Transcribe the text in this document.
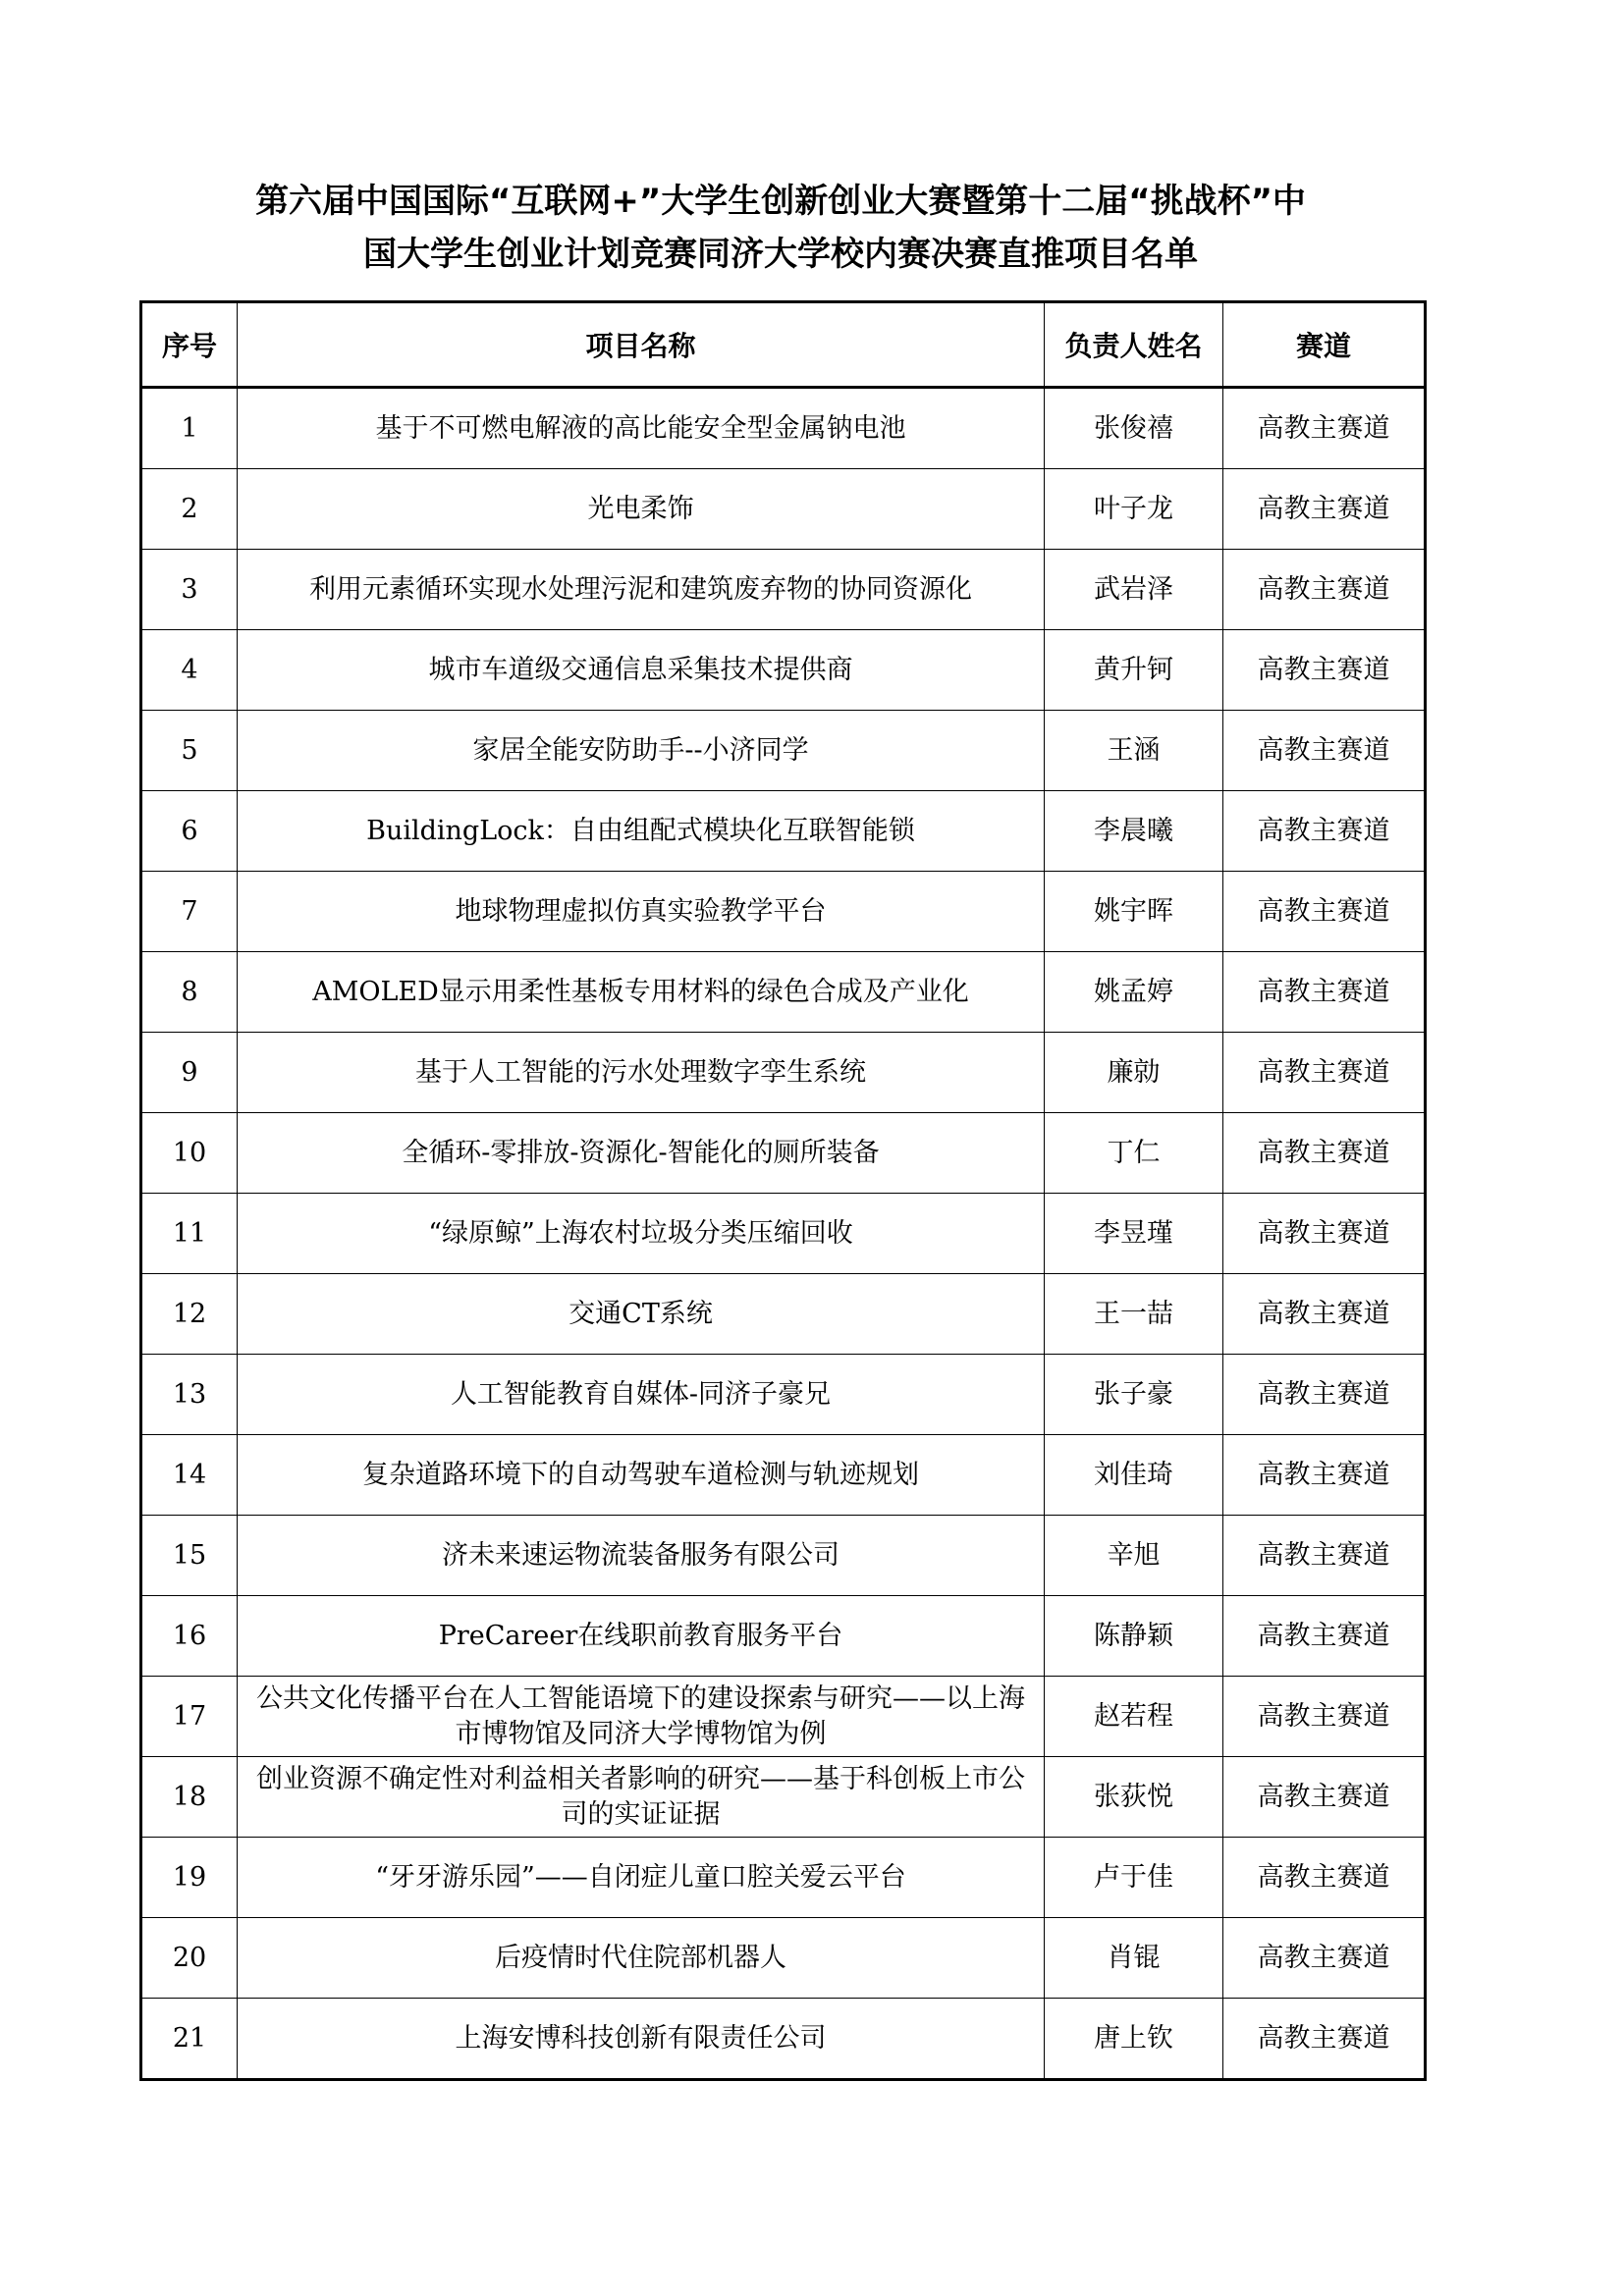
第六届中国国际“互联网+”大学生创新创业大赛暨第十二届“挑战杯”中
国大学生创业计划竞赛同济大学校内赛决赛直推项目名单
序号	项目名称	负责人姓名	赛道
1	基于不可燃电解液的高比能安全型金属钠电池	张俊禧	高教主赛道
2	光电柔饰	叶子龙	高教主赛道
3	利用元素循环实现水处理污泥和建筑废弃物的协同资源化	武岩泽	高教主赛道
4	城市车道级交通信息采集技术提供商	黄升钶	高教主赛道
5	家居全能安防助手--小济同学	王涵	高教主赛道
6	BuildingLock：自由组配式模块化互联智能锁	李晨曦	高教主赛道
7	地球物理虚拟仿真实验教学平台	姚宇晖	高教主赛道
8	AMOLED显示用柔性基板专用材料的绿色合成及产业化	姚孟婷	高教主赛道
9	基于人工智能的污水处理数字孪生系统	廉勍	高教主赛道
10	全循环-零排放-资源化-智能化的厕所装备	丁仁	高教主赛道
11	“绿原鲸”上海农村垃圾分类压缩回收	李昱瑾	高教主赛道
12	交通CT系统	王一喆	高教主赛道
13	人工智能教育自媒体-同济子豪兄	张子豪	高教主赛道
14	复杂道路环境下的自动驾驶车道检测与轨迹规划	刘佳琦	高教主赛道
15	济未来速运物流装备服务有限公司	辛旭	高教主赛道
16	PreCareer在线职前教育服务平台	陈静颖	高教主赛道
17	公共文化传播平台在人工智能语境下的建设探索与研究——以上海市博物馆及同济大学博物馆为例	赵若程	高教主赛道
18	创业资源不确定性对利益相关者影响的研究——基于科创板上市公司的实证证据	张荻悦	高教主赛道
19	“牙牙游乐园”——自闭症儿童口腔关爱云平台	卢于佳	高教主赛道
20	后疫情时代住院部机器人	肖锟	高教主赛道
21	上海安博科技创新有限责任公司	唐上钦	高教主赛道
